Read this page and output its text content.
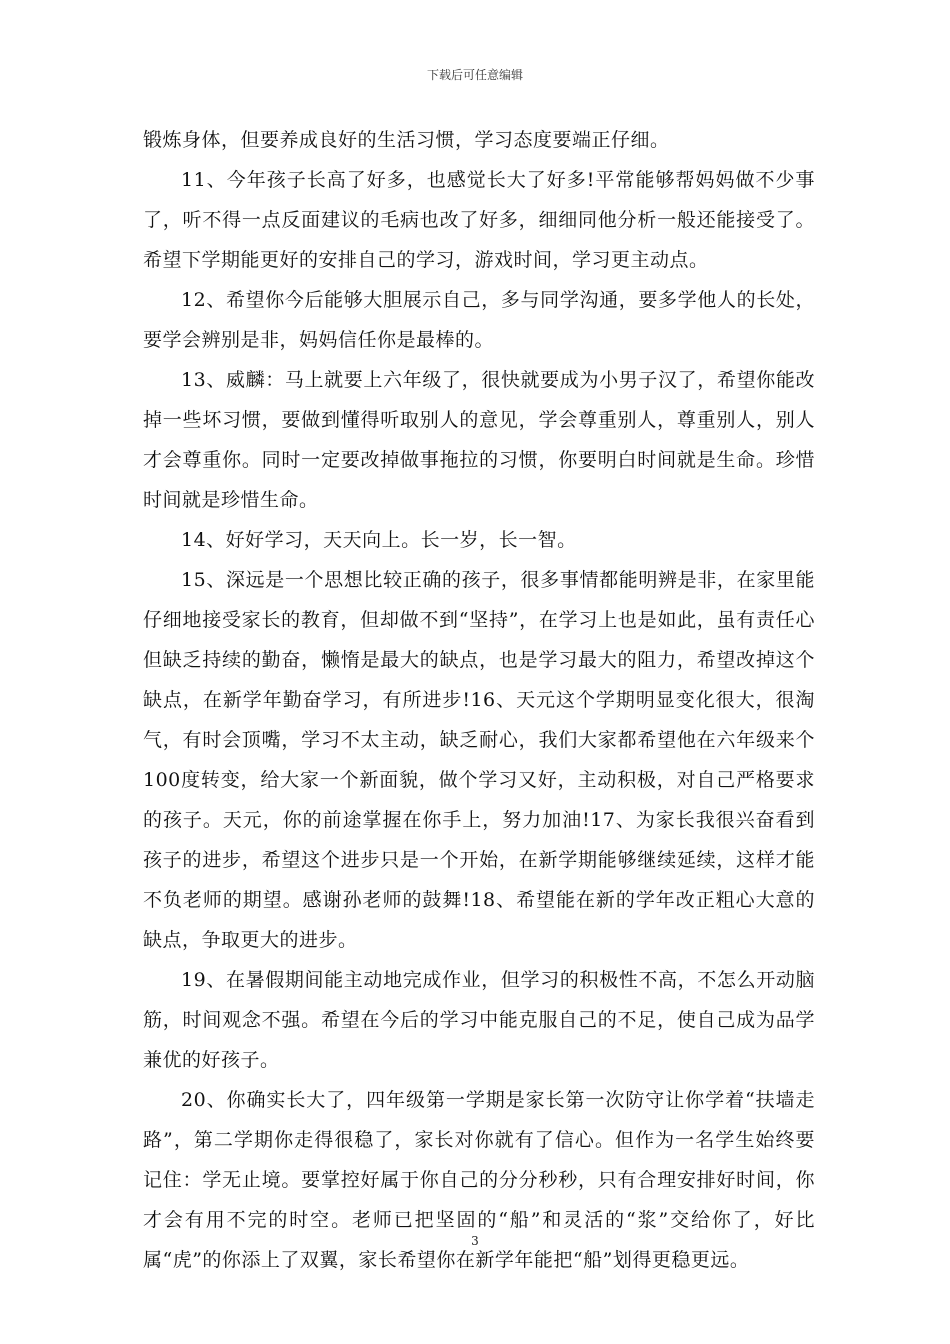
下载后可任意编辑

锻炼身体，但要养成良好的生活习惯，学习态度要端正仔细。

11、今年孩子长高了好多，也感觉长大了好多!平常能够帮妈妈做不少事了，听不得一点反面建议的毛病也改了好多，细细同他分析一般还能接受了。希望下学期能更好的安排自己的学习，游戏时间，学习更主动点。

12、希望你今后能够大胆展示自己，多与同学沟通，要多学他人的长处，要学会辨别是非，妈妈信任你是最棒的。

13、威麟：马上就要上六年级了，很快就要成为小男子汉了，希望你能改掉一些坏习惯，要做到懂得听取别人的意见，学会尊重别人，尊重别人，别人才会尊重你。同时一定要改掉做事拖拉的习惯，你要明白时间就是生命。珍惜时间就是珍惜生命。

14、好好学习，天天向上。长一岁，长一智。

15、深远是一个思想比较正确的孩子，很多事情都能明辨是非，在家里能仔细地接受家长的教育，但却做不到“坚持”，在学习上也是如此，虽有责任心但缺乏持续的勤奋，懒惰是最大的缺点，也是学习最大的阻力，希望改掉这个缺点，在新学年勤奋学习，有所进步!16、天元这个学期明显变化很大，很淘气，有时会顶嘴，学习不太主动，缺乏耐心，我们大家都希望他在六年级来个100度转变，给大家一个新面貌，做个学习又好，主动积极，对自己严格要求的孩子。天元，你的前途掌握在你手上，努力加油!17、为家长我很兴奋看到孩子的进步，希望这个进步只是一个开始，在新学期能够继续延续，这样才能不负老师的期望。感谢孙老师的鼓舞!18、希望能在新的学年改正粗心大意的缺点，争取更大的进步。

19、在暑假期间能主动地完成作业，但学习的积极性不高，不怎么开动脑筋，时间观念不强。希望在今后的学习中能克服自己的不足，使自己成为品学兼优的好孩子。

20、你确实长大了，四年级第一学期是家长第一次防守让你学着“扶墙走路”，第二学期你走得很稳了，家长对你就有了信心。但作为一名学生始终要记住：学无止境。要掌控好属于你自己的分分秒秒，只有合理安排好时间，你才会有用不完的时空。老师已把坚固的“船”和灵活的“浆”交给你了，好比属“虎”的你添上了双翼，家长希望你在新学年能把“船”划得更稳更远。

3
